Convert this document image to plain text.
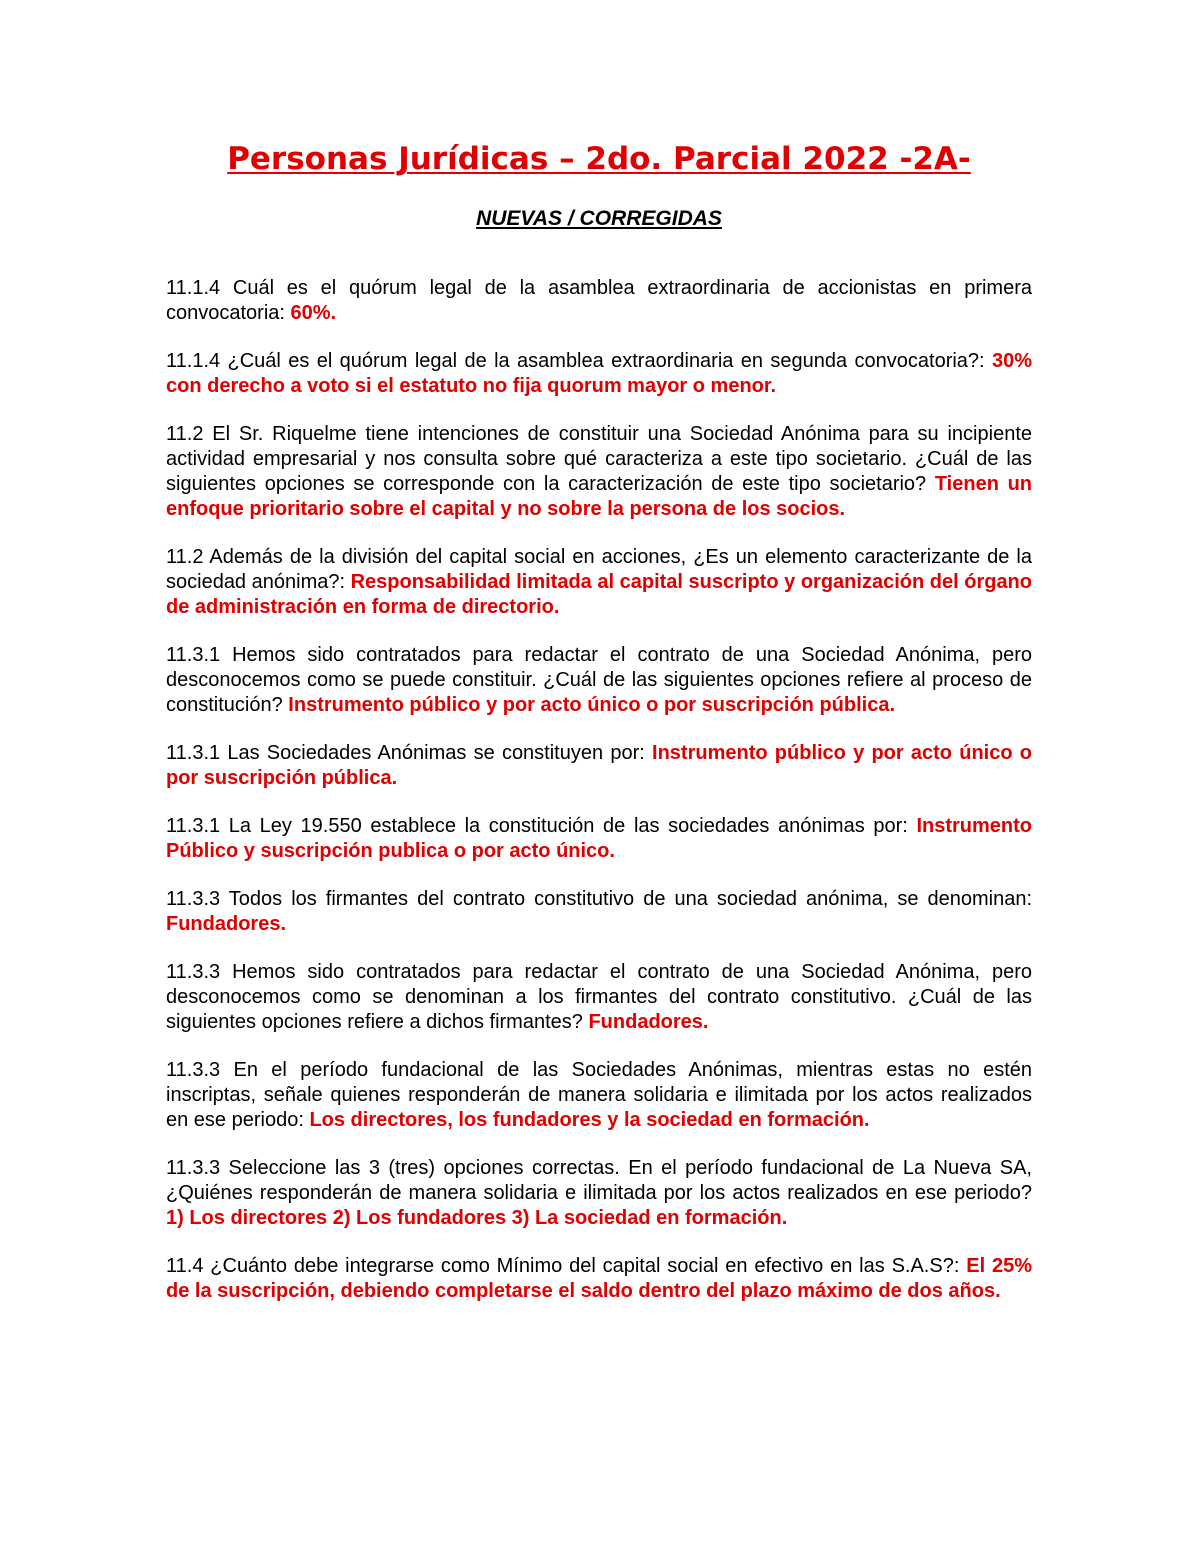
Personas Jurídicas – 2do. Parcial 2022 -2A-
NUEVAS / CORREGIDAS

11.1.4 Cuál es el quórum legal de la asamblea extraordinaria de accionistas en primera convocatoria: 60%.

11.1.4 ¿Cuál es el quórum legal de la asamblea extraordinaria en segunda convocatoria?: 30% con derecho a voto si el estatuto no fija quorum mayor o menor.

11.2 El Sr. Riquelme tiene intenciones de constituir una Sociedad Anónima para su incipiente actividad empresarial y nos consulta sobre qué caracteriza a este tipo societario. ¿Cuál de las siguientes opciones se corresponde con la caracterización de este tipo societario? Tienen un enfoque prioritario sobre el capital y no sobre la persona de los socios.

11.2 Además de la división del capital social en acciones, ¿Es un elemento caracterizante de la sociedad anónima?: Responsabilidad limitada al capital suscripto y organización del órgano de administración en forma de directorio.

11.3.1 Hemos sido contratados para redactar el contrato de una Sociedad Anónima, pero desconocemos como se puede constituir. ¿Cuál de las siguientes opciones refiere al proceso de constitución? Instrumento público y por acto único o por suscripción pública.

11.3.1 Las Sociedades Anónimas se constituyen por: Instrumento público y por acto único o por suscripción pública.

11.3.1 La Ley 19.550 establece la constitución de las sociedades anónimas por: Instrumento Público y suscripción publica o por acto único.

11.3.3 Todos los firmantes del contrato constitutivo de una sociedad anónima, se denominan: Fundadores.

11.3.3 Hemos sido contratados para redactar el contrato de una Sociedad Anónima, pero desconocemos como se denominan a los firmantes del contrato constitutivo. ¿Cuál de las siguientes opciones refiere a dichos firmantes? Fundadores.

11.3.3 En el período fundacional de las Sociedades Anónimas, mientras estas no estén inscriptas, señale quienes responderán de manera solidaria e ilimitada por los actos realizados en ese periodo: Los directores, los fundadores y la sociedad en formación.

11.3.3 Seleccione las 3 (tres) opciones correctas. En el período fundacional de La Nueva SA, ¿Quiénes responderán de manera solidaria e ilimitada por los actos realizados en ese periodo? 1) Los directores 2) Los fundadores 3) La sociedad en formación.

11.4 ¿Cuánto debe integrarse como Mínimo del capital social en efectivo en las S.A.S?: El 25% de la suscripción, debiendo completarse el saldo dentro del plazo máximo de dos años.
